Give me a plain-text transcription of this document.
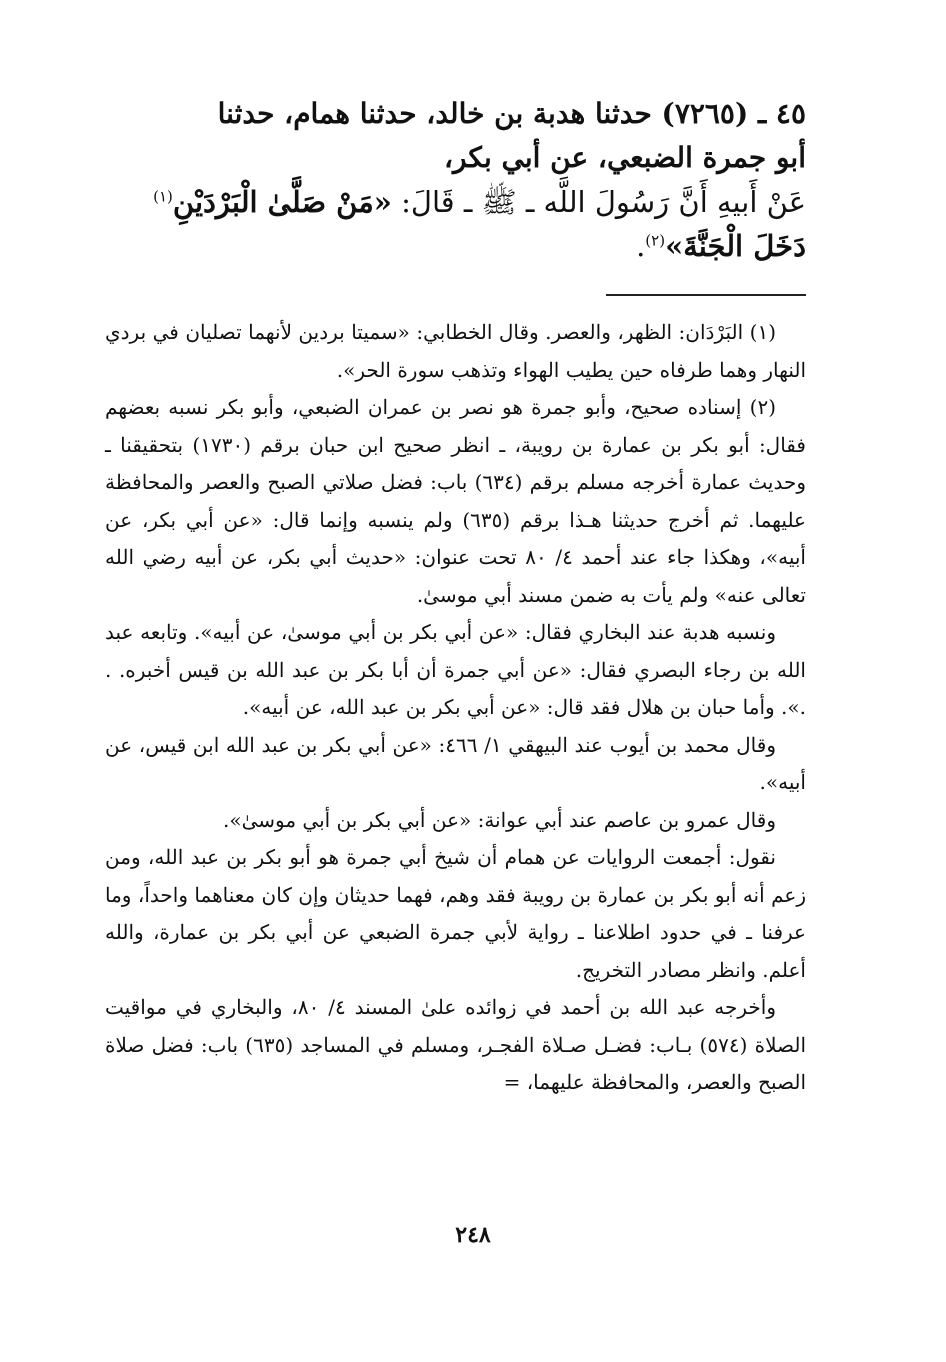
٤٥ ـ (٧٢٦٥) حدثنا هدبة بن خالد، حدثنا همام، حدثنا

أبو جمرة الضبعي، عن أبي بكر،

عَنْ أَبيهِ أَنَّ رَسُولَ اللَّه ـ ﷺ ـ قَالَ: «مَنْ صَلَّىٰ الْبَرْدَيْنِ$^{(١)}$ دَخَلَ الْجَنَّةَ»$^{(٢)}$.

(١) البَرْدَان: الظهر، والعصر. وقال الخطابي: «سميتا بردين لأنهما تصليان في بردي النهار وهما طرفاه حين يطيب الهواء وتذهب سورة الحر».

(٢) إسناده صحيح، وأبو جمرة هو نصر بن عمران الضبعي، وأبو بكر نسبه بعضهم فقال: أبو بكر بن عمارة بن رويبة، ـ انظر صحيح ابن حبان برقم (١٧٣٠) بتحقيقنا ـ وحديث عمارة أخرجه مسلم برقم (٦٣٤) باب: فضل صلاتي الصبح والعصر والمحافظة عليهما. ثم أخرج حديثنا هـذا برقم (٦٣٥) ولم ينسبه وإنما قال: «عن أبي بكر، عن أبيه»، وهكذا جاء عند أحمد ٤/ ٨٠ تحت عنوان: «حديث أبي بكر، عن أبيه رضي الله تعالى عنه» ولم يأت به ضمن مسند أبي موسىٰ.

ونسبه هدبة عند البخاري فقال: «عن أبي بكر بن أبي موسىٰ، عن أبيه». وتابعه عبد الله بن رجاء البصري فقال: «عن أبي جمرة أن أبا بكر بن عبد الله بن قيس أخبره. . .». وأما حبان بن هلال فقد قال: «عن أبي بكر بن عبد الله، عن أبيه».

وقال محمد بن أيوب عند البيهقي ١/ ٤٦٦: «عن أبي بكر بن عبد الله ابن قيس، عن أبيه».

وقال عمرو بن عاصم عند أبي عوانة: «عن أبي بكر بن أبي موسىٰ».

نقول: أجمعت الروايات عن همام أن شيخ أبي جمرة هو أبو بكر بن عبد الله، ومن زعم أنه أبو بكر بن عمارة بن رويبة فقد وهم، فهما حديثان وإن كان معناهما واحداً، وما عرفنا ـ في حدود اطلاعنا ـ رواية لأبي جمرة الضبعي عن أبي بكر بن عمارة، والله أعلم. وانظر مصادر التخريج.

وأخرجه عبد الله بن أحمد في زوائده علىٰ المسند ٤/ ٨٠، والبخاري في مواقيت الصلاة (٥٧٤) بـاب: فضـل صـلاة الفجـر، ومسلم في المساجد (٦٣٥) باب: فضل صلاة الصبح والعصر، والمحافظة عليهما، =

٢٤٨
